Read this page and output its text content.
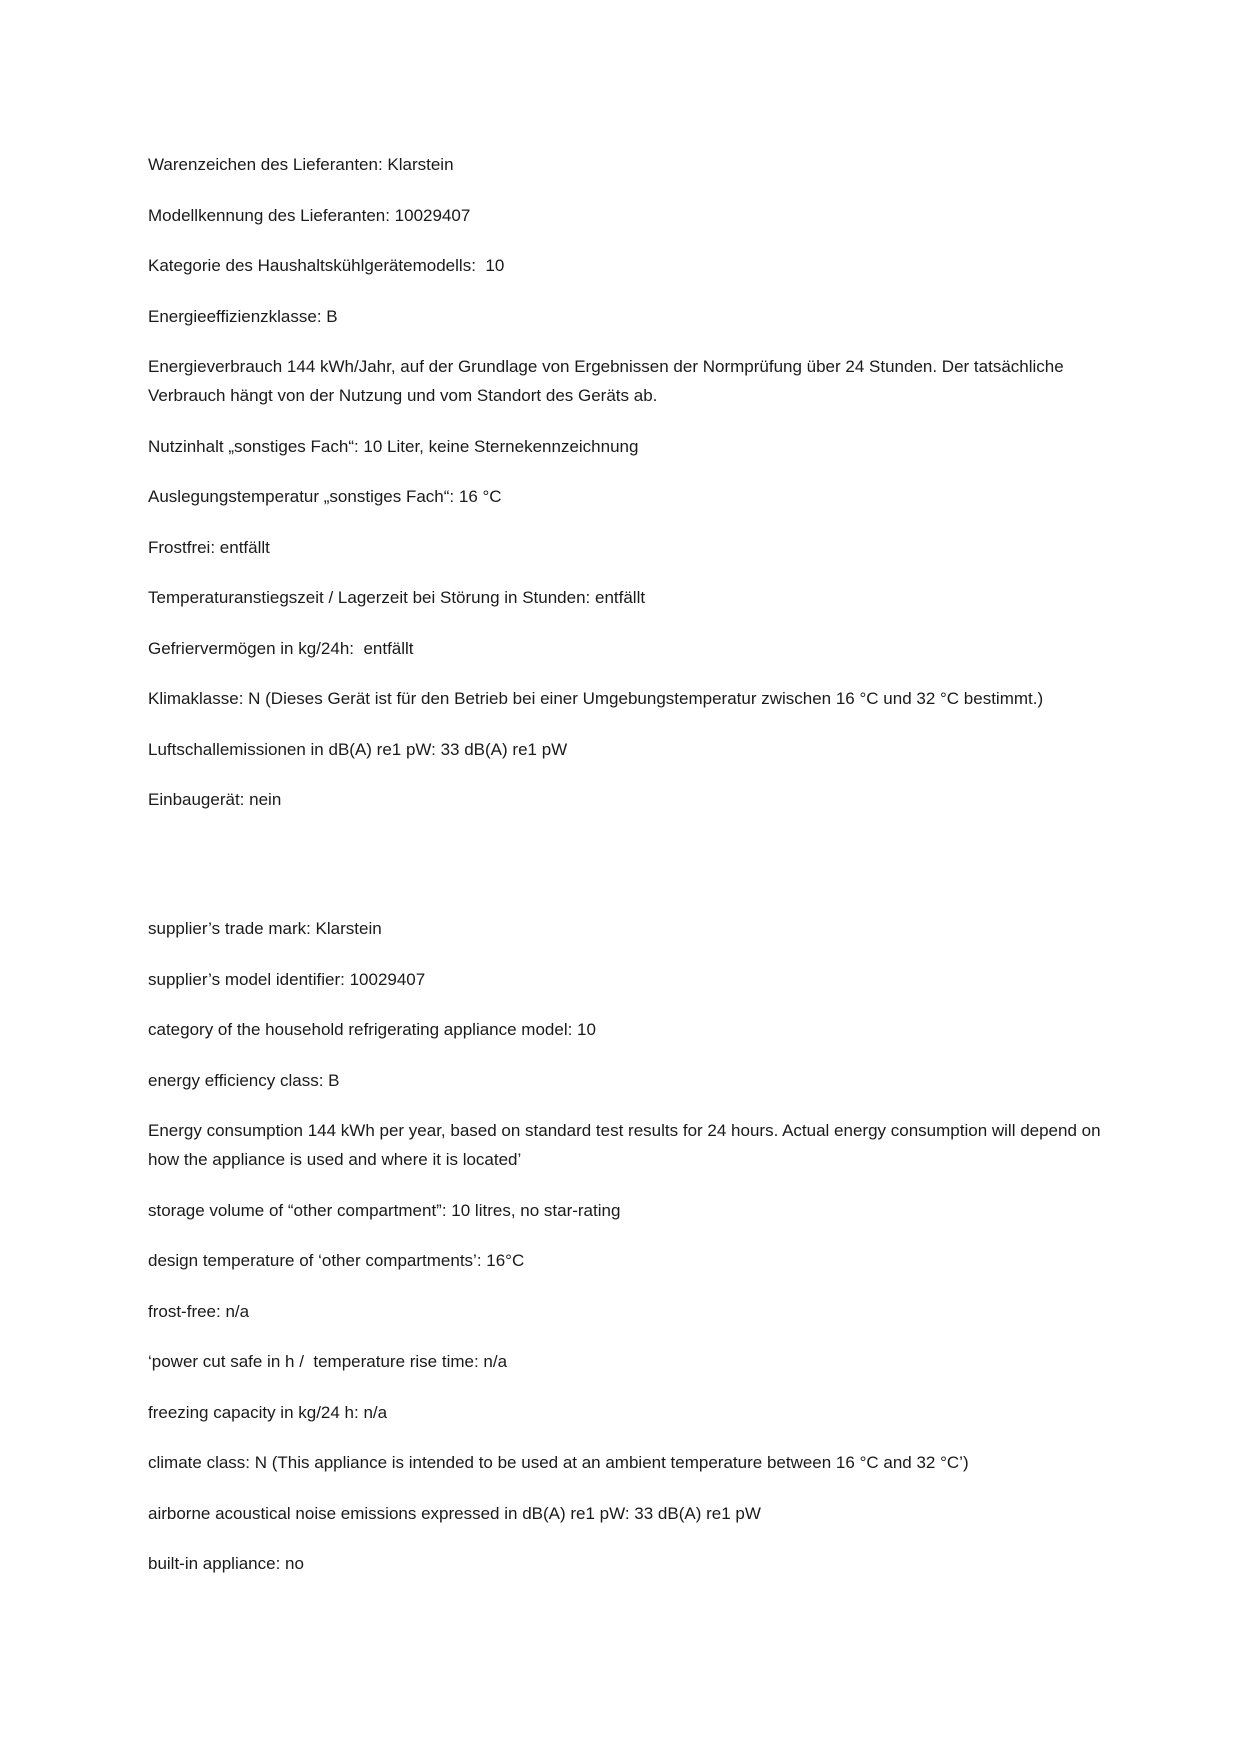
Warenzeichen des Lieferanten: Klarstein

Modellkennung des Lieferanten: 10029407

Kategorie des Haushaltskühlgerätemodells:  10

Energieeffizienzklasse: B

Energieverbrauch 144 kWh/Jahr, auf der Grundlage von Ergebnissen der Normprüfung über 24 Stunden. Der tatsächliche Verbrauch hängt von der Nutzung und vom Standort des Geräts ab.

Nutzinhalt „sonstiges Fach“: 10 Liter, keine Sternekennzeichnung

Auslegungstemperatur „sonstiges Fach“: 16 °C

Frostfrei: entfällt

Temperaturanstiegszeit / Lagerzeit bei Störung in Stunden: entfällt

Gefriervermögen in kg/24h:  entfällt

Klimaklasse: N (Dieses Gerät ist für den Betrieb bei einer Umgebungstemperatur zwischen 16 °C und 32 °C bestimmt.)

Luftschallemissionen in dB(A) re1 pW: 33 dB(A) re1 pW

Einbaugerät: nein

supplier’s trade mark: Klarstein

supplier’s model identifier: 10029407

category of the household refrigerating appliance model: 10

energy efficiency class: B

Energy consumption 144 kWh per year, based on standard test results for 24 hours. Actual energy consumption will depend on how the appliance is used and where it is located’

storage volume of “other compartment”: 10 litres, no star-rating

design temperature of ‘other compartments’: 16°C

frost-free: n/a

‘power cut safe in h /  temperature rise time: n/a

freezing capacity in kg/24 h: n/a

climate class: N (This appliance is intended to be used at an ambient temperature between 16 °C and 32 °C’)

airborne acoustical noise emissions expressed in dB(A) re1 pW: 33 dB(A) re1 pW

built-in appliance: no
